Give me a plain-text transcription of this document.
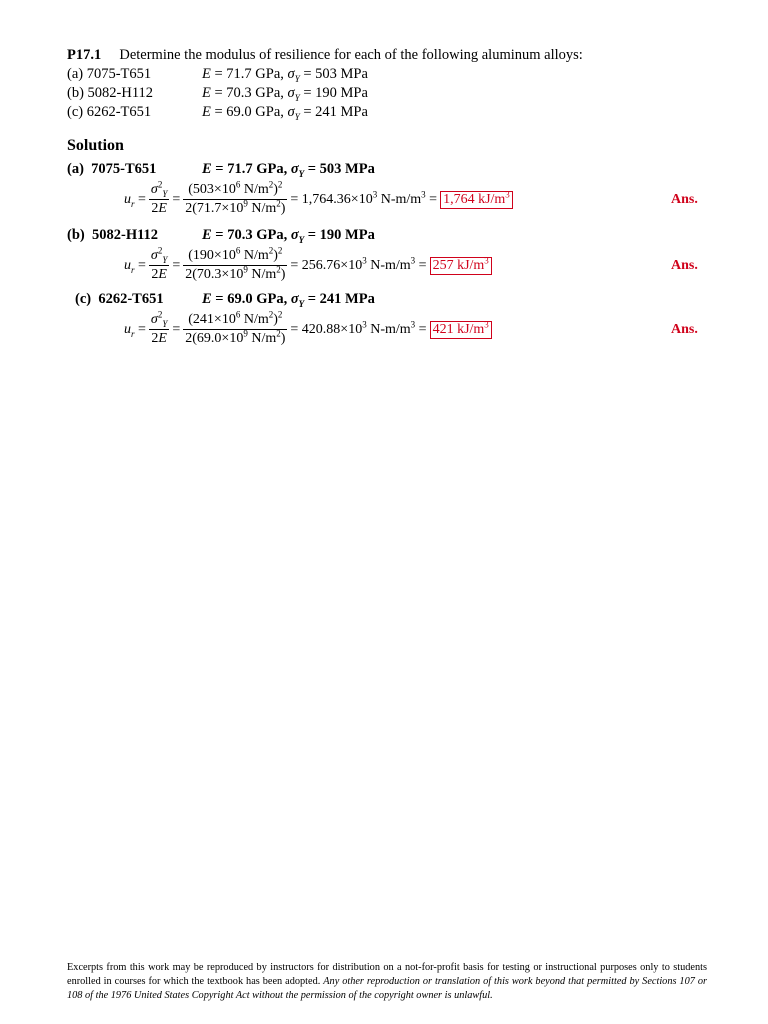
P17.1 Determine the modulus of resilience for each of the following aluminum alloys:
(a) 7075-T651	E = 71.7 GPa, $\sigma_Y = 503$ MPa
(b) 5082-H112	E = 70.3 GPa, $\sigma_Y = 190$ MPa
(c) 6262-T651	E = 69.0 GPa, $\sigma_Y = 241$ MPa
Solution
(a) 7075-T651	E = 71.7 GPa, $\sigma_Y = 503$ MPa
$u_r = \frac{\sigma^2_Y}{2E} = \frac{(503\times 10^6 N/m^2)^2}{2(71.7\times 10^9 N/m^2)} = 1,764.36\times 10^3$ $N-m/m^3 = 1,764$ $kJ/m^3$	Ans.
(b) 5082-H112	E = 70.3 GPa, $\sigma_Y = 190$ MPa
$u_r = \frac{\sigma^2_Y}{2E} = \frac{(190\times 10^6 N/m^2)^2}{2(70.3\times 10^9 N/m^2)} = 256.76\times 10^3$ $N-m/m^3 = 257$ $kJ/m^3$	Ans.
(c) 6262-T651	E = 69.0 GPa, $\sigma_Y = 241$ MPa
$u_r = \frac{\sigma^2_Y}{2E} = \frac{(241\times 10^6 N/m^2)^2}{2(69.0\times 10^9 N/m^2)} = 420.88\times 10^3$ $N-m/m^3 = 421$ $kJ/m^3$	Ans.
Excerpts from this work may be reproduced by instructors for distribution on a not-for-profit basis for testing or instructional purposes only to students enrolled in courses for which the textbook has been adopted. Any other reproduction or translation of this work beyond that permitted by Sections 107 or 108 of the 1976 United States Copyright Act without the permission of the copyright owner is unlawful.
